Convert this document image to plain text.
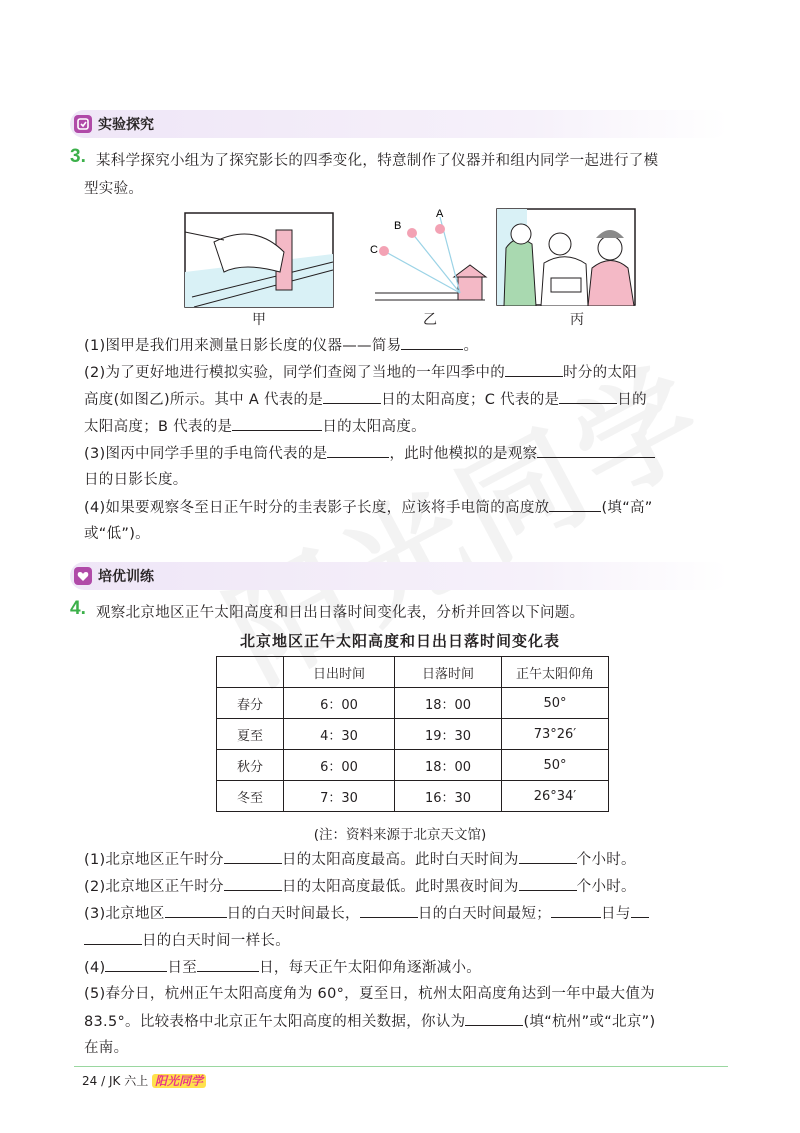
实验探究
3. 某科学探究小组为了探究影长的四季变化，特意制作了仪器并和组内同学一起进行了模
型实验。
甲
A
B
C
乙	丙
(1)图甲是我们用来测量日影长度的仪器——简易	。
(2)为了更好地进行模拟实验，同学们查阅了当地的一年四季中的	时分的太阳
高度(如图乙)所示。其中 A 代表的是	日的太阳高度；C 代表的是	日的
太阳高度；B 代表的是	日的太阳高度。
(3)图丙中同学手里的手电筒代表的是	，此时他模拟的是观察
日的日影长度。
(4)如果要观察冬至日正午时分的圭表影子长度，应该将手电筒的高度放	(填“高”
或“低”)。
培优训练
4. 观察北京地区正午太阳高度和日出日落时间变化表，分析并回答以下问题。
北京地区正午太阳高度和日出日落时间变化表
	日出时间	日落时间	正午太阳仰角
春分	6：00	18：00	50°
夏至	4：30	19：30	73°26′
秋分	6：00	18：00	50°
冬至	7：30	16：30	26°34′
(注：资料来源于北京天文馆)
(1)北京地区正午时分	日的太阳高度最高。此时白天时间为	个小时。
(2)北京地区正午时分	日的太阳高度最低。此时黑夜时间为	个小时。
(3)北京地区	日的白天时间最长，	日的白天时间最短；	日与
日的白天时间一样长。
(4)	日至	日，每天正午太阳仰角逐渐减小。
(5)春分日，杭州正午太阳高度角为 60°，夏至日，杭州太阳高度角达到一年中最大值为
83.5°。比较表格中北京正午太阳高度的相关数据，你认为	(填“杭州”或“北京”)
在南。
24 / JK 六上 阳光同学
